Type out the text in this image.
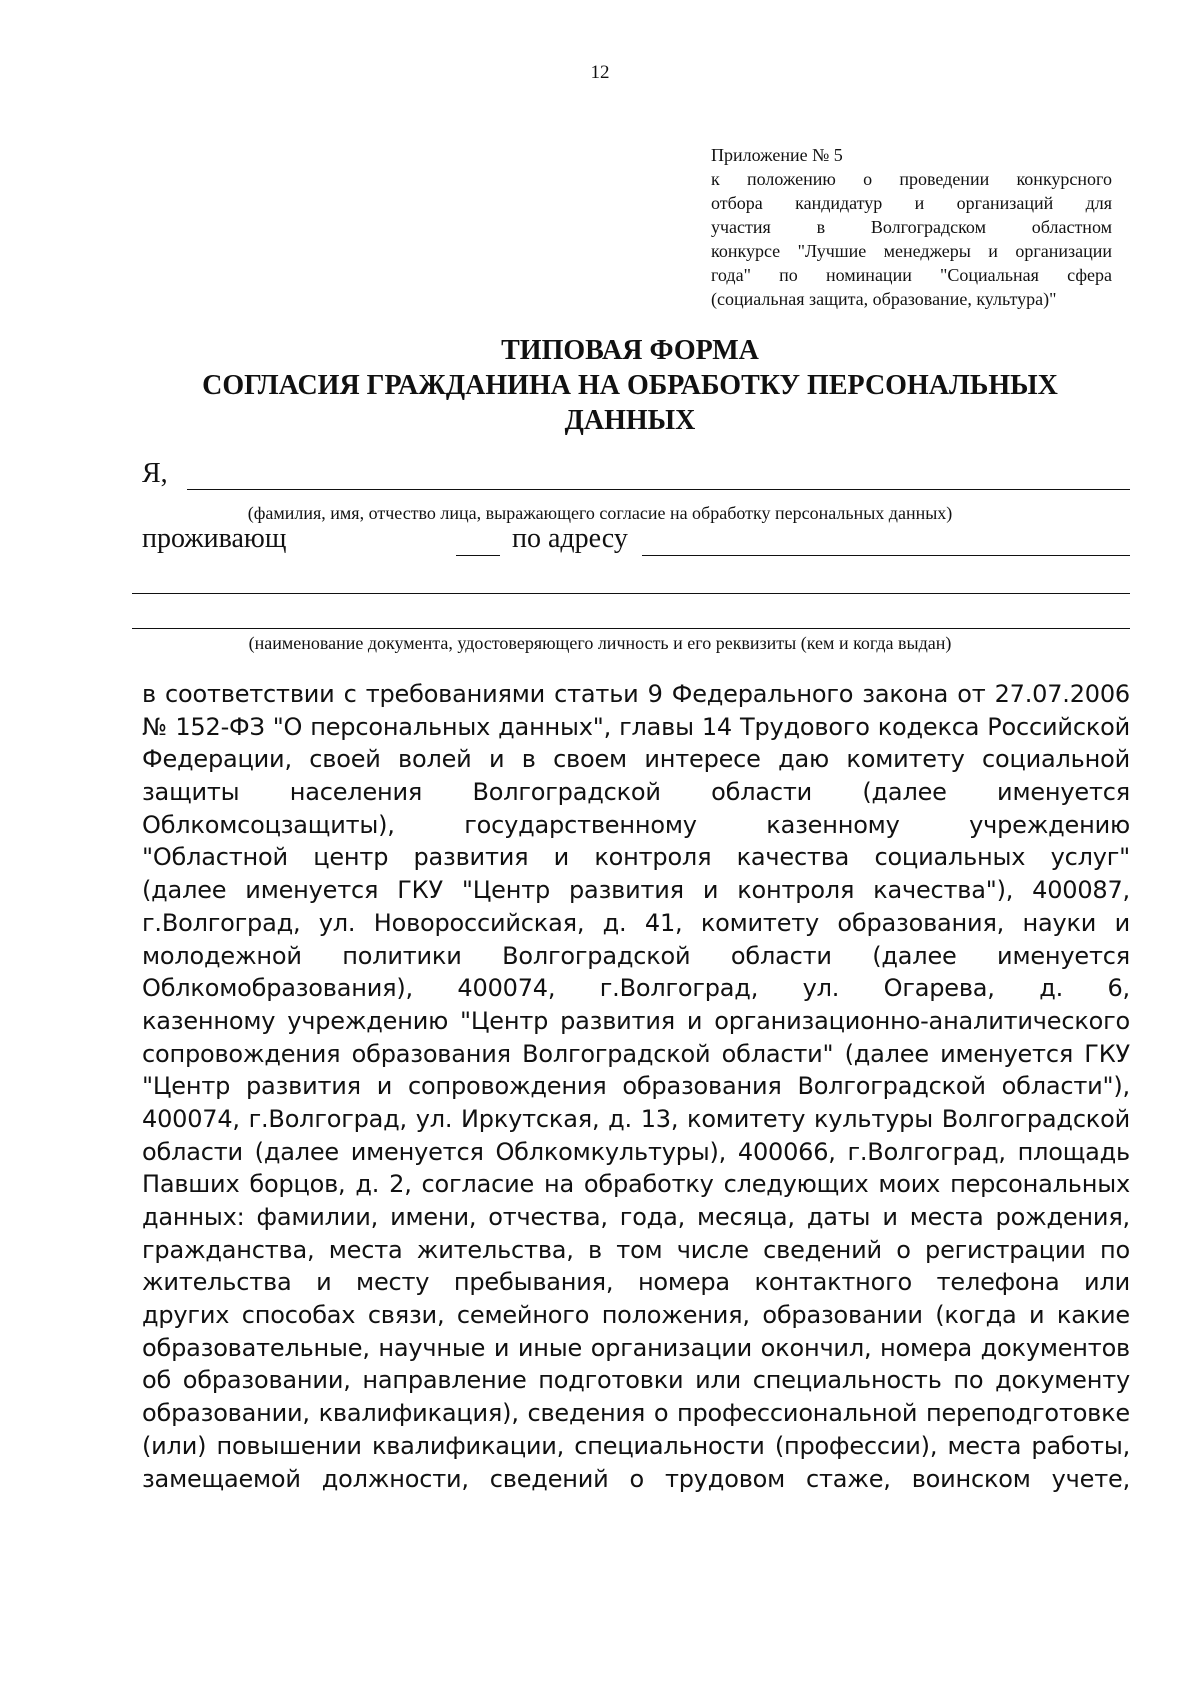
12
Приложение № 5
к положению о проведении конкурсного
отбора кандидатур и организаций для
участия в Волгоградском областном
конкурсе "Лучшие менеджеры и организации
года" по номинации "Социальная сфера
(социальная защита, образование, культура)"
ТИПОВАЯ ФОРМА
СОГЛАСИЯ ГРАЖДАНИНА НА ОБРАБОТКУ ПЕРСОНАЛЬНЫХ
ДАННЫХ
Я,
(фамилия, имя, отчество лица, выражающего согласие на обработку персональных данных)
проживающ	по адресу
(наименование документа, удостоверяющего личность и его реквизиты (кем и когда выдан)
в соответствии с требованиями статьи 9 Федерального закона от 27.07.2006
№ 152-ФЗ "О персональных данных", главы 14 Трудового кодекса Российской
Федерации, своей волей и в своем интересе даю комитету социальной
защиты населения Волгоградской области (далее именуется
Облкомсоцзащиты), государственному казенному учреждению
"Областной центр развития и контроля качества социальных услуг"
(далее именуется ГКУ "Центр развития и контроля качества"), 400087,
г.Волгоград, ул. Новороссийская, д. 41, комитету образования, науки и
молодежной политики Волгоградской области (далее именуется
Облкомобразования), 400074, г.Волгоград, ул. Огарева, д. 6,
казенному учреждению "Центр развития и организационно-аналитического
сопровождения образования Волгоградской области" (далее именуется ГКУ
"Центр развития и сопровождения образования Волгоградской области"),
400074, г.Волгоград, ул. Иркутская, д. 13, комитету культуры Волгоградской
области (далее именуется Облкомкультуры), 400066, г.Волгоград, площадь
Павших борцов, д. 2, согласие на обработку следующих моих персональных
данных: фамилии, имени, отчества, года, месяца, даты и места рождения,
гражданства, места жительства, в том числе сведений о регистрации по
жительства и месту пребывания, номера контактного телефона или
других способах связи, семейного положения, образовании (когда и какие
образовательные, научные и иные организации окончил, номера документов
об образовании, направление подготовки или специальность по документу
образовании, квалификация), сведения о профессиональной переподготовке
(или) повышении квалификации, специальности (профессии), места работы,
замещаемой должности, сведений о трудовом стаже, воинском учете,
